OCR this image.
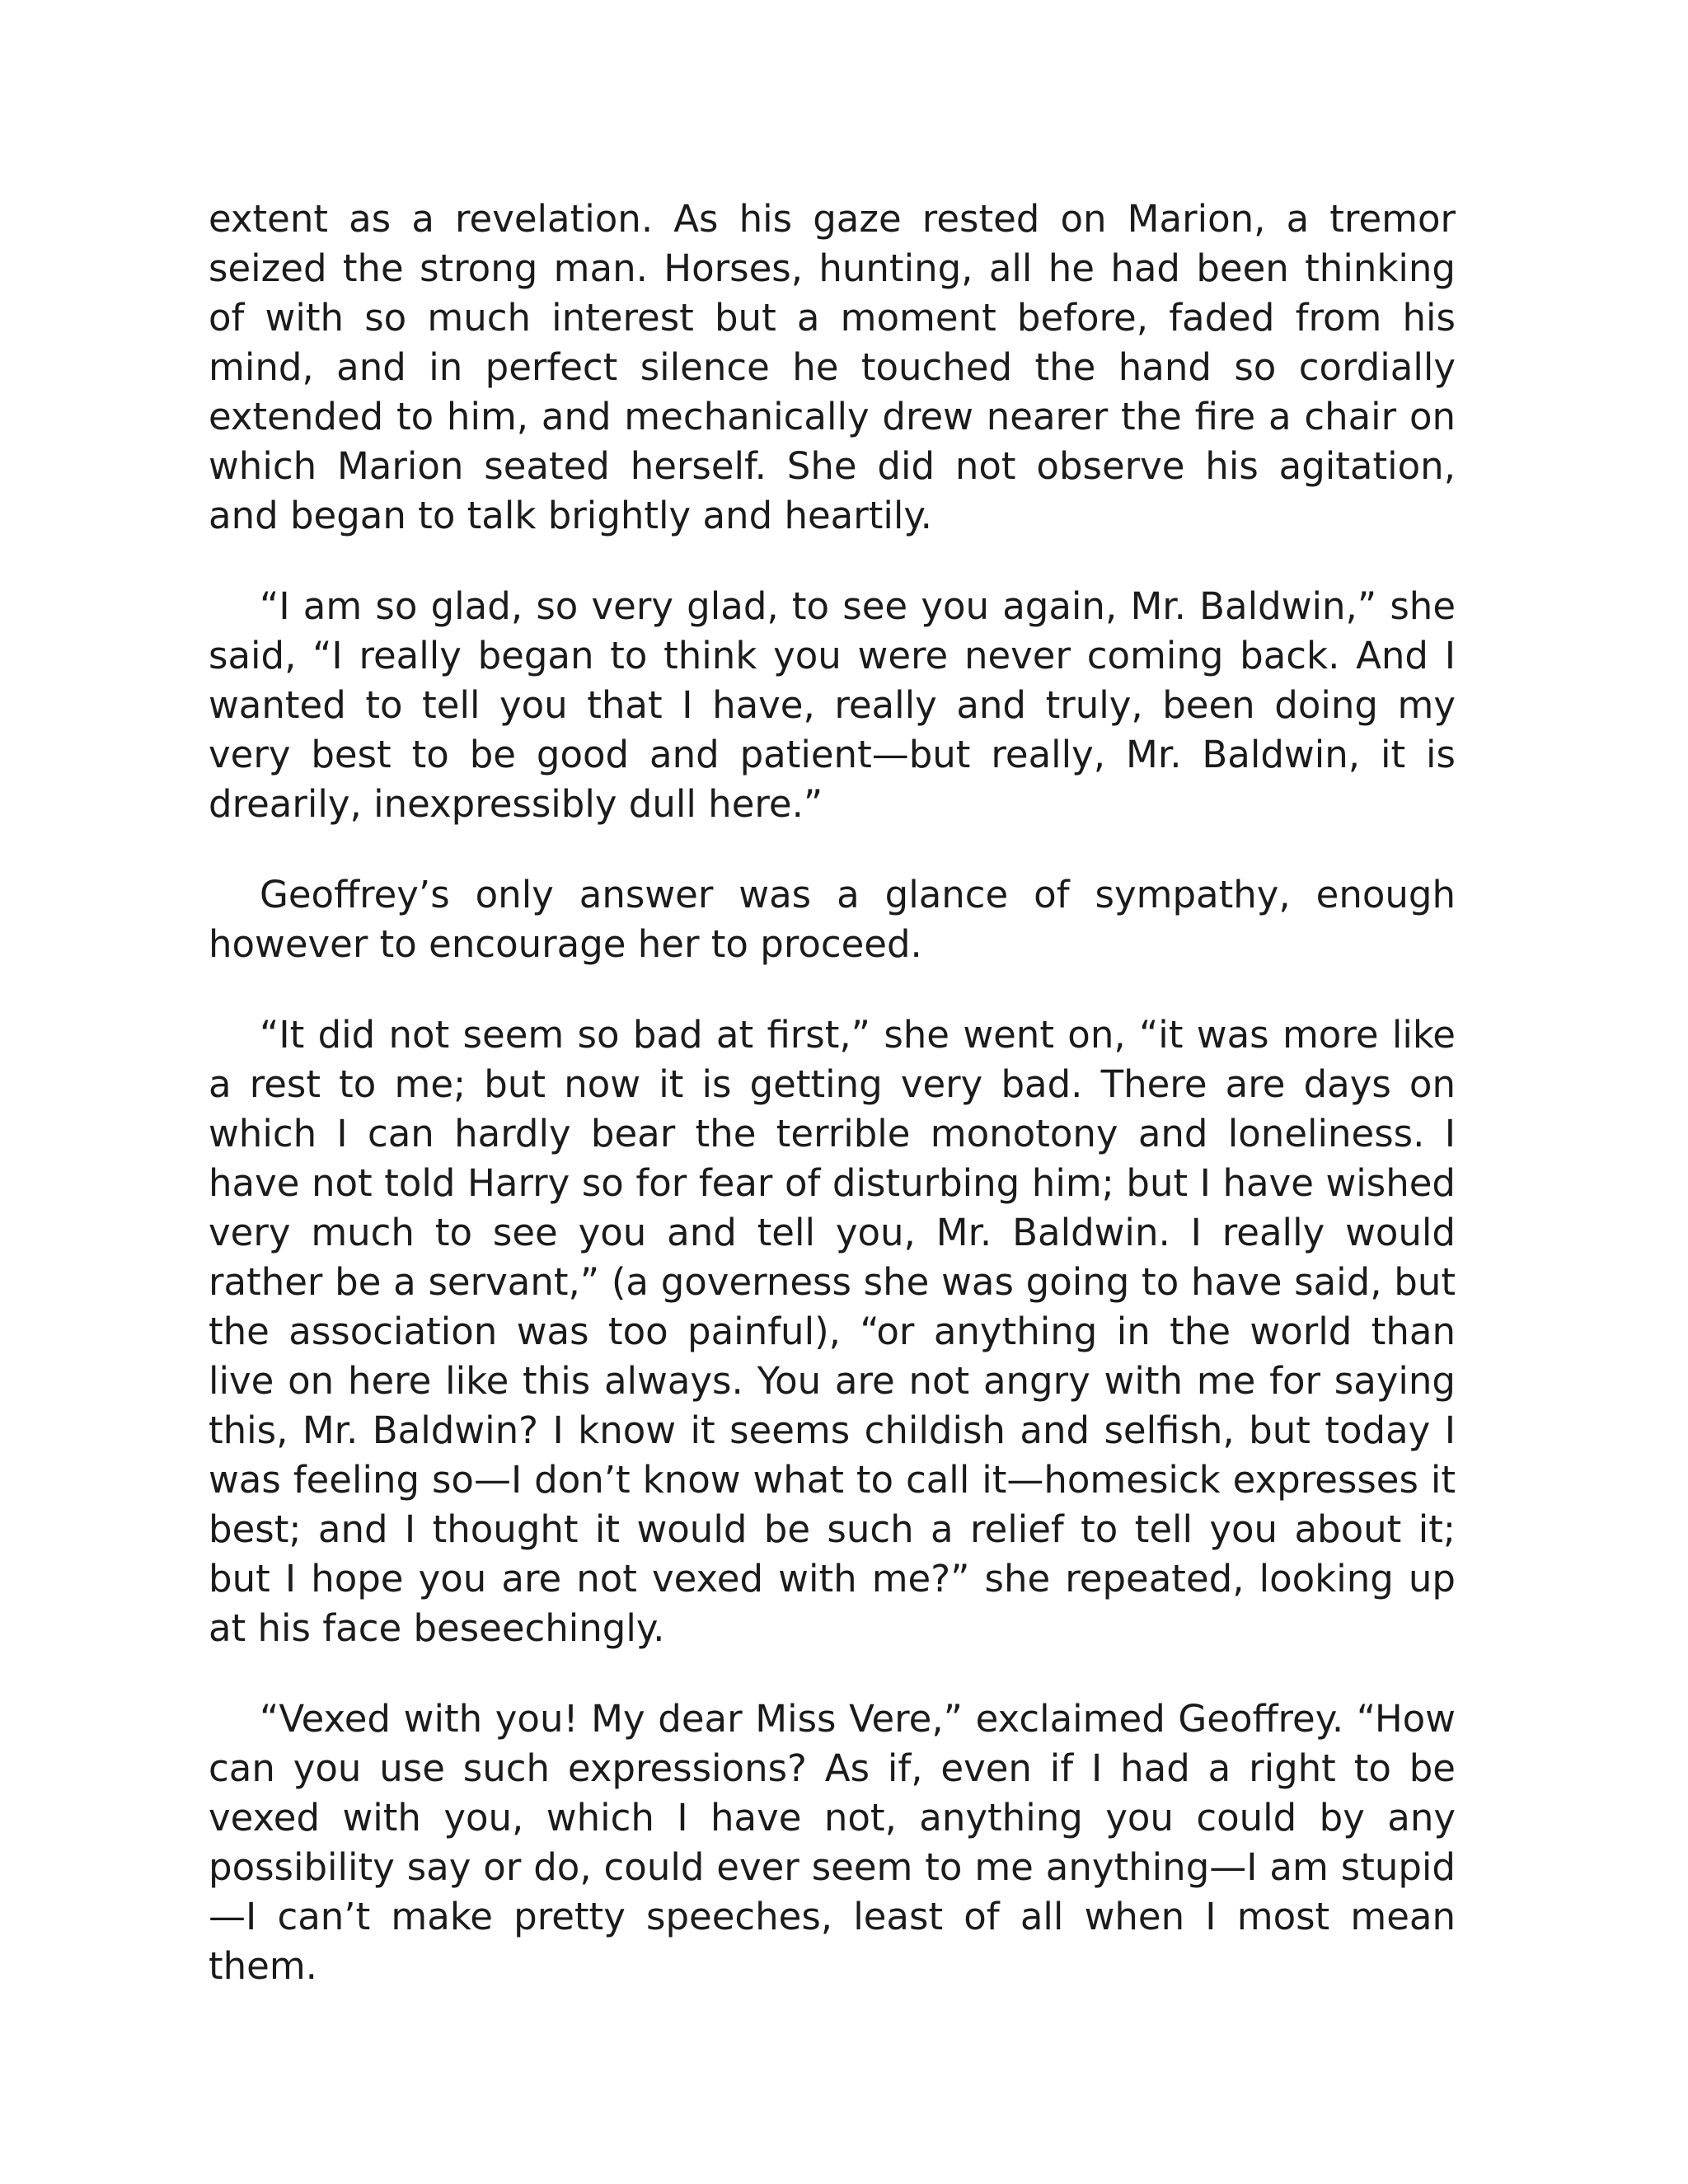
extent as a revelation. As his gaze rested on Marion, a tremor seized the strong man. Horses, hunting, all he had been thinking of with so much interest but a moment before, faded from his mind, and in perfect silence he touched the hand so cordially extended to him, and mechanically drew nearer the fire a chair on which Marion seated herself. She did not observe his agitation, and began to talk brightly and heartily.

“I am so glad, so very glad, to see you again, Mr. Baldwin,” she said, “I really began to think you were never coming back. And I wanted to tell you that I have, really and truly, been doing my very best to be good and patient—but really, Mr. Baldwin, it is drearily, inexpressibly dull here.”

Geoffrey’s only answer was a glance of sympathy, enough however to encourage her to proceed.

“It did not seem so bad at first,” she went on, “it was more like a rest to me; but now it is getting very bad. There are days on which I can hardly bear the terrible monotony and loneliness. I have not told Harry so for fear of disturbing him; but I have wished very much to see you and tell you, Mr. Baldwin. I really would rather be a servant,” (a governess she was going to have said, but the association was too painful), “or anything in the world than live on here like this always. You are not angry with me for saying this, Mr. Baldwin? I know it seems childish and selfish, but today I was feeling so—I don’t know what to call it—homesick expresses it best; and I thought it would be such a relief to tell you about it; but I hope you are not vexed with me?” she repeated, looking up at his face beseechingly.

“Vexed with you! My dear Miss Vere,” exclaimed Geoffrey. “How can you use such expressions? As if, even if I had a right to be vexed with you, which I have not, anything you could by any possibility say or do, could ever seem to me anything—I am stupid—I can’t make pretty speeches, least of all when I most mean them.
